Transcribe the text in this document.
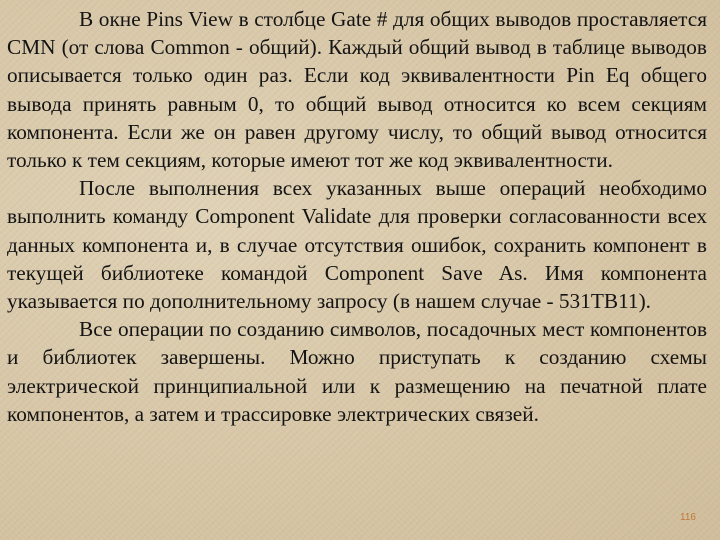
В окне Pins View в столбце Gate # для общих выводов проставляется CMN (от слова Common - общий). Каждый общий вывод в таблице выводов описывается только один раз. Если код эквивалентности Pin Eq общего вывода принять равным 0, то общий вывод относится ко всем секциям компонента. Если же он равен другому числу, то общий вывод относится только к тем секциям, которые имеют тот же код эквивалентности.

После выполнения всех указанных выше операций необходимо выполнить команду Component Validate для проверки согласованности всех данных компонента и, в случае отсутствия ошибок, сохранить компонент в текущей библиотеке командой Component Save As. Имя компонента указывается по дополнительному запросу (в нашем случае - 531ТВ11).

Все операции по созданию символов, посадочных мест компонентов и библиотек завершены. Можно приступать к созданию схемы электрической принципиальной или к размещению на печатной плате компонентов, а затем и трассировке электрических связей.

116
